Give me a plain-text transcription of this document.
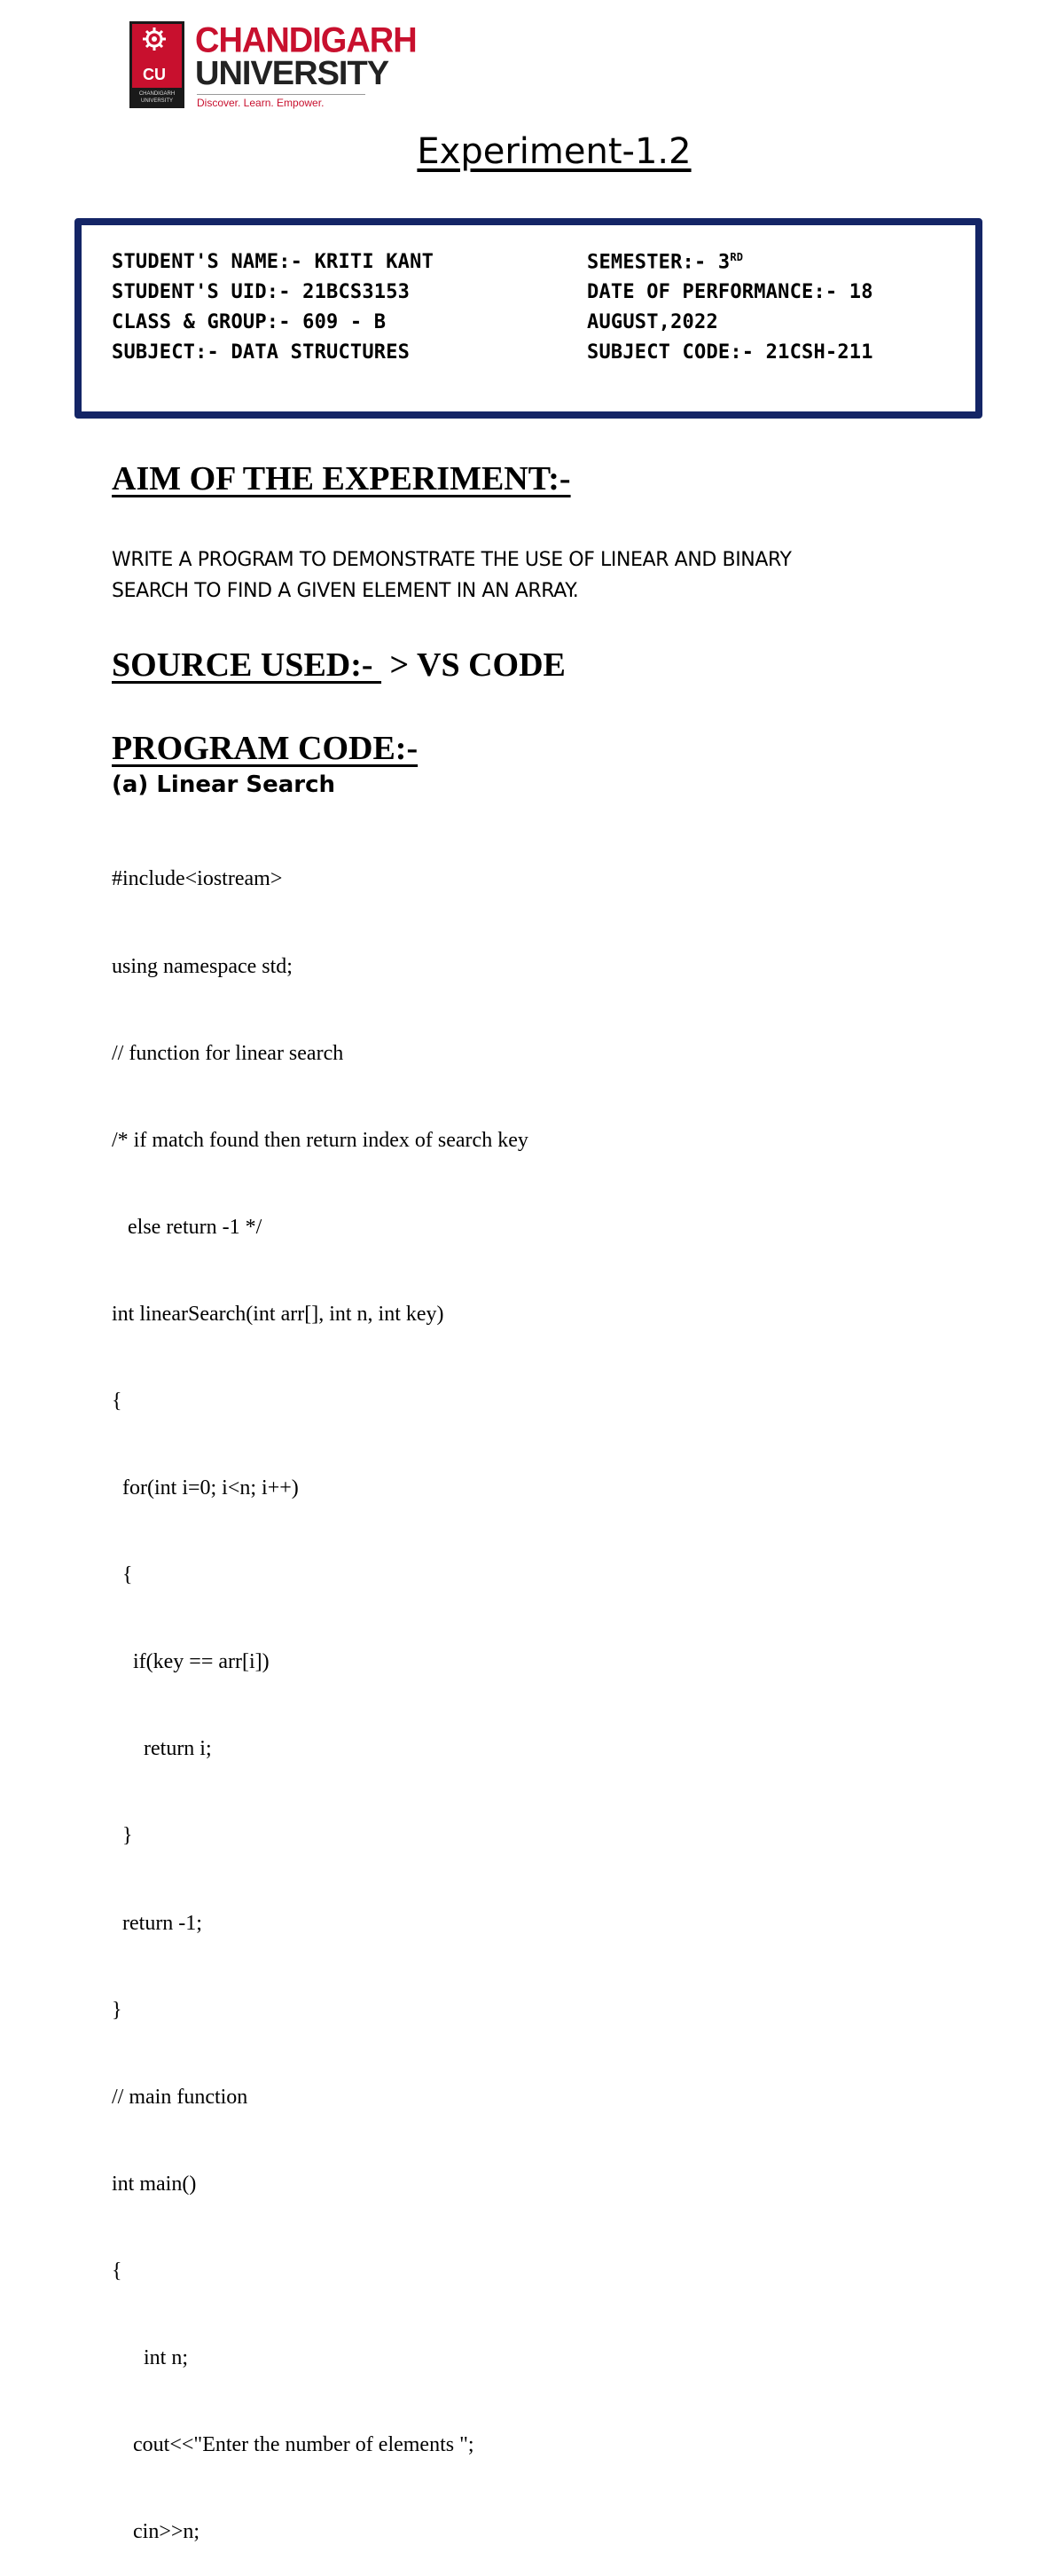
CU
CHANDIGARH UNIVERSITY
CHANDIGARH
UNIVERSITY
Discover. Learn. Empower.
Experiment-1.2
STUDENT'S NAME:- KRITI KANT
STUDENT'S UID:- 21BCS3153
CLASS & GROUP:- 609 - B
SUBJECT:- DATA STRUCTURES
SEMESTER:- 3RD
DATE OF PERFORMANCE:- 18
AUGUST,2022
SUBJECT CODE:- 21CSH-211
AIM OF THE EXPERIMENT:-
WRITE A PROGRAM TO DEMONSTRATE THE USE OF LINEAR AND BINARY
SEARCH TO FIND A GIVEN ELEMENT IN AN ARRAY.
SOURCE USED:-  > VS CODE
PROGRAM CODE:-
(a) Linear Search

#include<iostream>

using namespace std;

// function for linear search

/* if match found then return index of search key

else return -1 */

int linearSearch(int arr[], int n, int key)

{

for(int i=0; i<n; i++)

{

if(key == arr[i])

return i;

}

return -1;

}

// main function

int main()

{

int n;

cout<<"Enter the number of elements ";

cin>>n;
